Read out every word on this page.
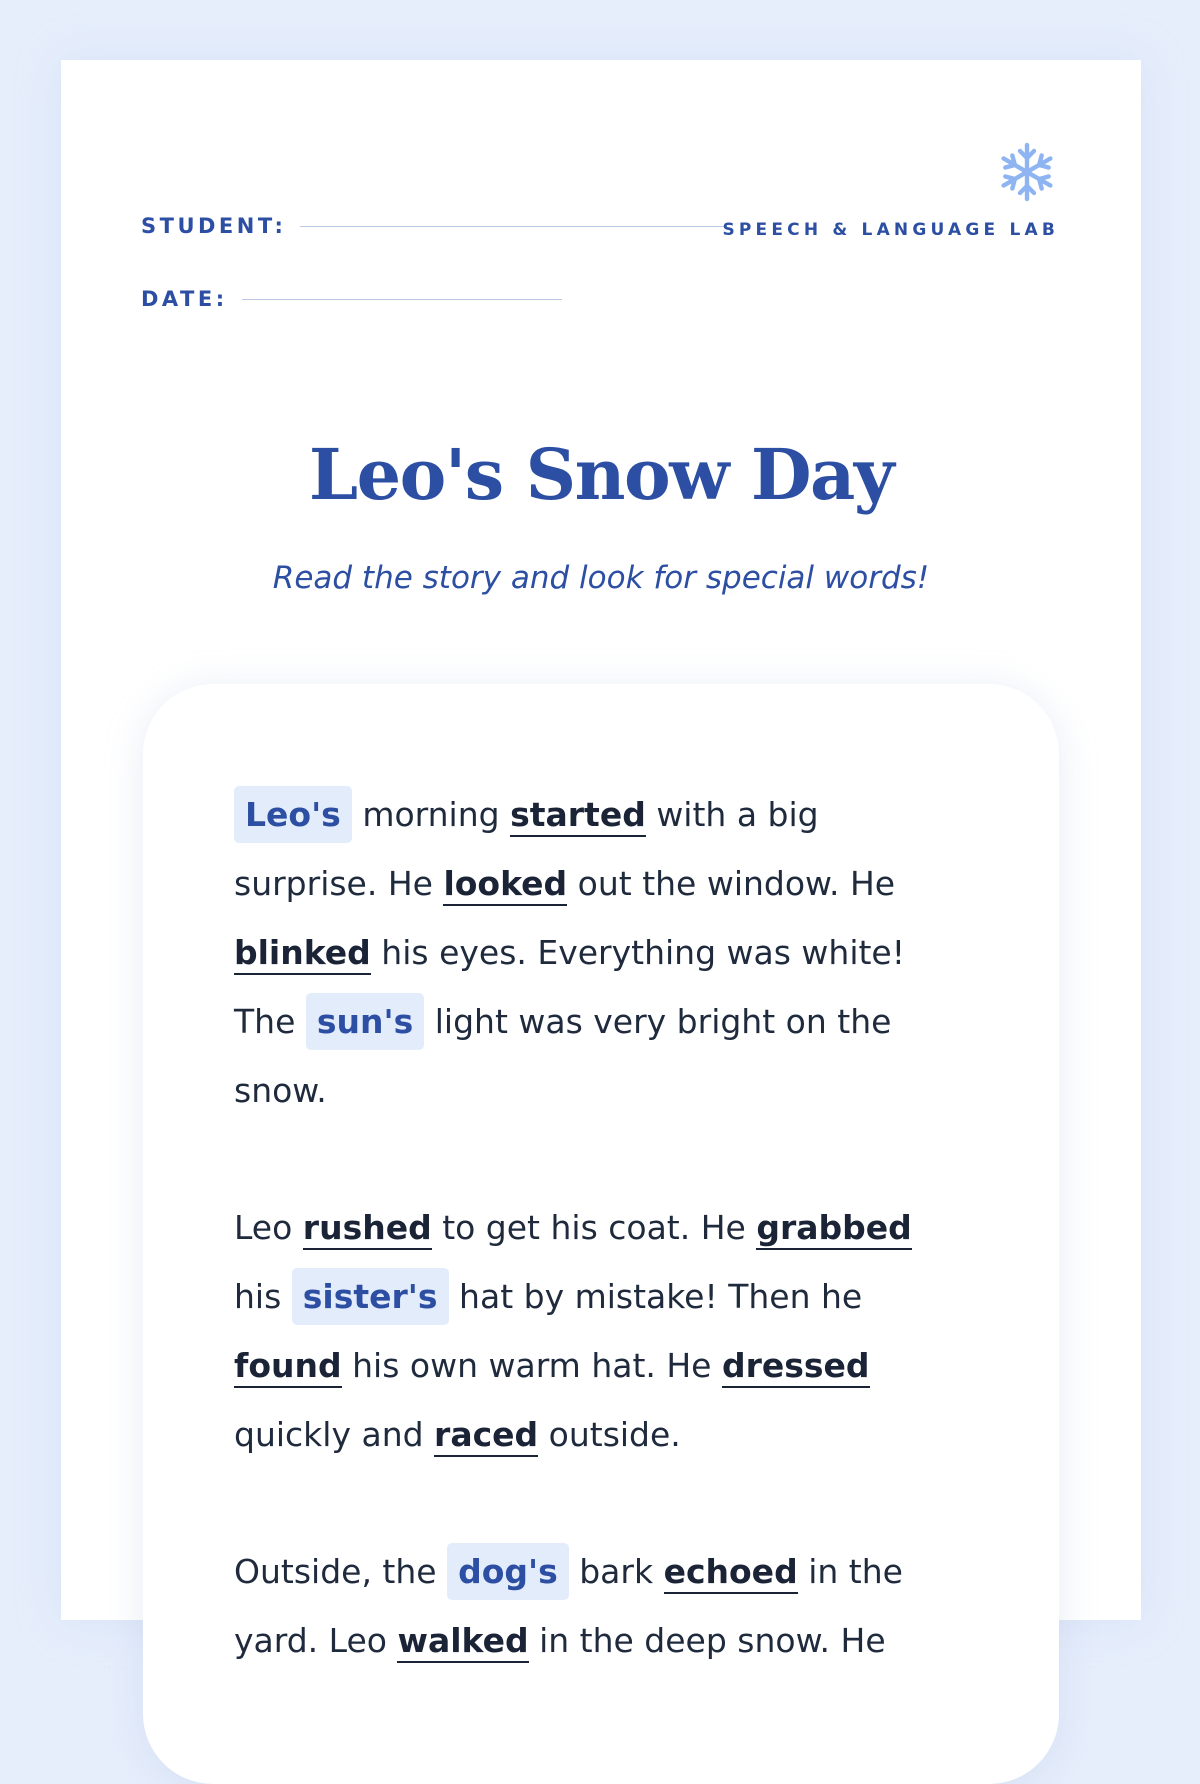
STUDENT:
DATE:
SPEECH & LANGUAGE LAB
Leo's Snow Day

Read the story and look for special words!

Leo's morning started with a big surprise. He looked out the window. He blinked his eyes. Everything was white! The sun's light was very bright on the snow.

Leo rushed to get his coat. He grabbed his sister's hat by mistake! Then he found his own warm hat. He dressed quickly and raced outside.

Outside, the dog's bark echoed in the yard. Leo walked in the deep snow. He
